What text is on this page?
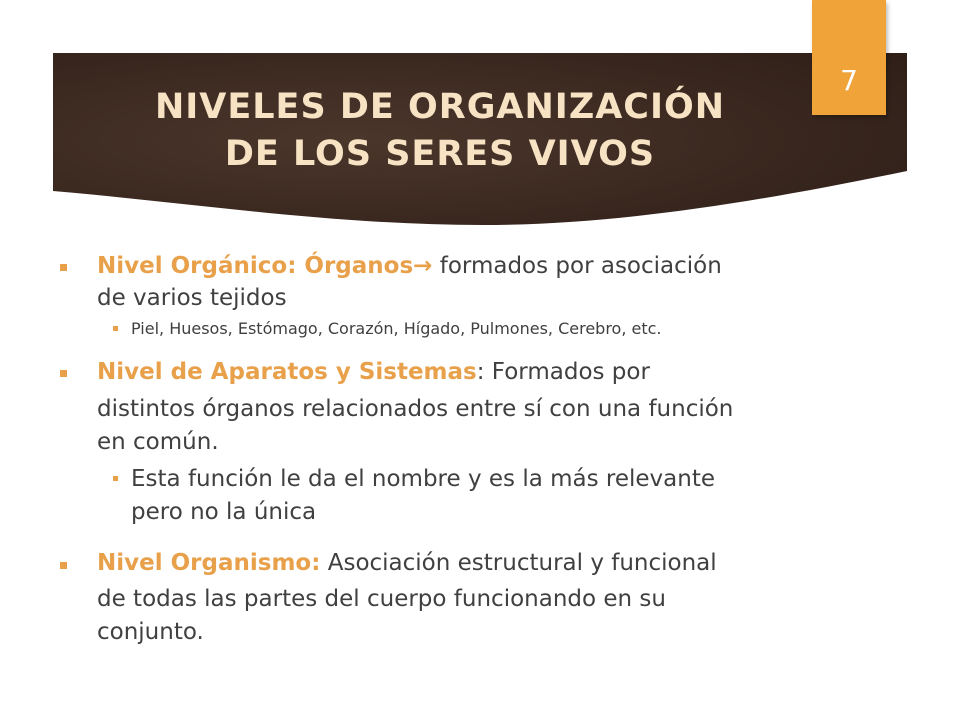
NIVELES DE ORGANIZACIÓN
DE LOS SERES VIVOS
7
Nivel Orgánico: Órganos→ formados por asociación
de varios tejidos
Piel, Huesos, Estómago, Corazón, Hígado, Pulmones, Cerebro, etc.
Nivel de Aparatos y Sistemas: Formados por
distintos órganos relacionados entre sí con una función
en común.
Esta función le da el nombre y es la más relevante
pero no la única
Nivel Organismo: Asociación estructural y funcional
de todas las partes del cuerpo funcionando en su
conjunto.
